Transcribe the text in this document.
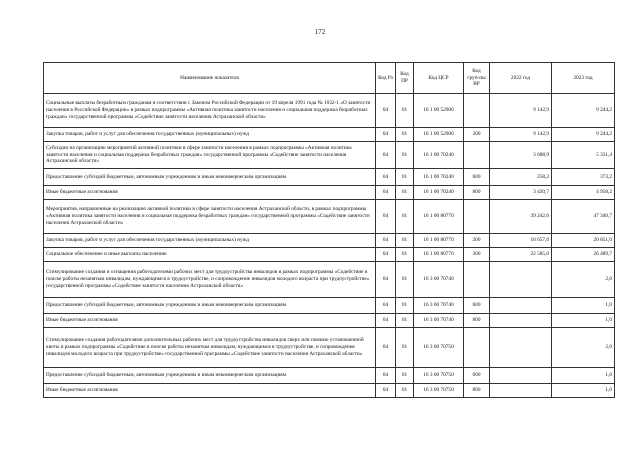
172
Наименование показателя	Код Рз	Код ПР	Код ЦСР	Код груп-пы ВР	2022 год	2023 год
Социальные выплаты безработным гражданам в соответствии с Законом Российской Федерации от 19 апреля 1991 года № 1032-1 «О занятости населения в Российской Федерации» в рамках подпрограммы «Активная политика занятости населения и социальная поддержка безработных граждан» государственной программы «Содействие занятости населения Астраханской области»	04	01	16 1 00 52900		9 142,9	9 244,2
Закупка товаров, работ и услуг для обеспечения государственных (муниципальных) нужд	04	01	16 1 00 52900	200	9 142,9	9 244,2
Субсидии на организацию мероприятий активной политики в сфере занятости населения в рамках подпрограммы «Активная политика занятости населения и социальная поддержка безработных граждан» государственной программы «Содействие занятости населения Астраханской области»	04	01	16 1 00 70240		3 688,9	5 331,4
Предоставление субсидий бюджетным, автономным учреждениям и иным некоммерческим организациям	04	01	16 1 00 70240	600	258,2	373,2
Иные бюджетные ассигнования	04	01	16 1 00 70240	800	3 430,7	4 958,2
Мероприятия, направленные на реализацию активной политики в сфере занятости населения Астраханской области, в рамках подпрограммы «Активная политика занятости населения и социальная поддержка безработных граждан» государственной программы «Содействие занятости населения Астраханской области»	04	01	16 1 00 80770		39 242,6	47 340,7
Закупка товаров, работ и услуг для обеспечения государственных (муниципальных) нужд	04	01	16 1 00 80770	200	16 657,6	20 851,0
Социальное обеспечение и иные выплаты населению	04	01	16 1 00 80770	300	22 585,0	26 489,7
Стимулирование создания и оснащения работодателями рабочих мест для трудоустройства инвалидов в рамках подпрограммы «Содействие в поиске работы незанятым инвалидам, нуждающимся в трудоустройстве, и сопровождение инвалидов молодого возраста при трудоустройстве» государственной программы «Содействие занятости населения Астраханской области»	04	01	16 3 00 70740			2,0
Предоставление субсидий бюджетным, автономным учреждениям и иным некоммерческим организациям	04	01	16 3 00 70740	600		1,0
Иные бюджетные ассигнования	04	01	16 3 00 70740	800		1,0
Стимулирование создания работодателями дополнительных рабочих мест для трудоустройства инвалидов сверх или помимо установленной квоты в рамках подпрограммы «Содействие в поиске работы незанятым инвалидам, нуждающимся в трудоустройстве, и сопровождение инвалидов молодого возраста при трудоустройстве» государственной программы «Содействие занятости населения Астраханской области»	04	01	16 3 00 70750			2,0
Предоставление субсидий бюджетным, автономным учреждениям и иным некоммерческим организациям	04	01	16 3 00 70750	600		1,0
Иные бюджетные ассигнования	04	01	16 3 00 70750	800		1,0
